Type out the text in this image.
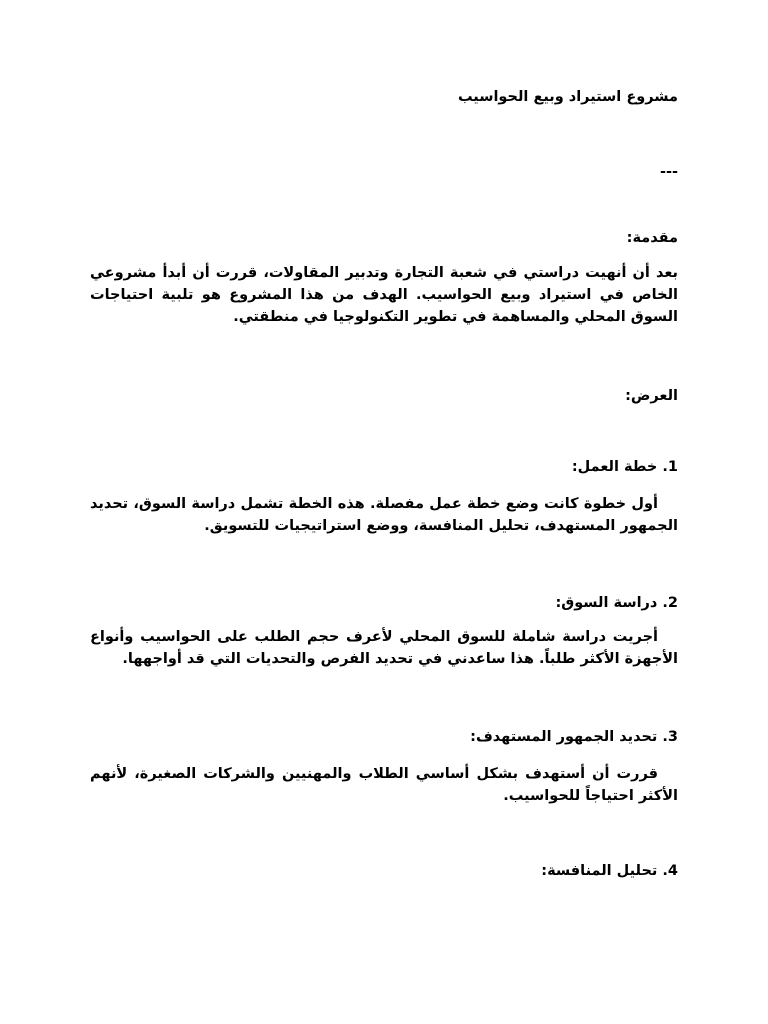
مشروع استيراد وبيع الحواسيب
---
مقدمة:
بعد أن أنهيت دراستي في شعبة التجارة وتدبير المقاولات، قررت أن أبدأ مشروعي الخاص في استيراد وبيع الحواسيب. الهدف من هذا المشروع هو تلبية احتياجات السوق المحلي والمساهمة في تطوير التكنولوجيا في منطقتي.
العرض:
1. خطة العمل:
أول خطوة كانت وضع خطة عمل مفصلة. هذه الخطة تشمل دراسة السوق، تحديد الجمهور المستهدف، تحليل المنافسة، ووضع استراتيجيات للتسويق.
2. دراسة السوق:
أجريت دراسة شاملة للسوق المحلي لأعرف حجم الطلب على الحواسيب وأنواع الأجهزة الأكثر طلباً. هذا ساعدني في تحديد الفرص والتحديات التي قد أواجهها.
3. تحديد الجمهور المستهدف:
قررت أن أستهدف بشكل أساسي الطلاب والمهنيين والشركات الصغيرة، لأنهم الأكثر احتياجاً للحواسيب.
4. تحليل المنافسة:
